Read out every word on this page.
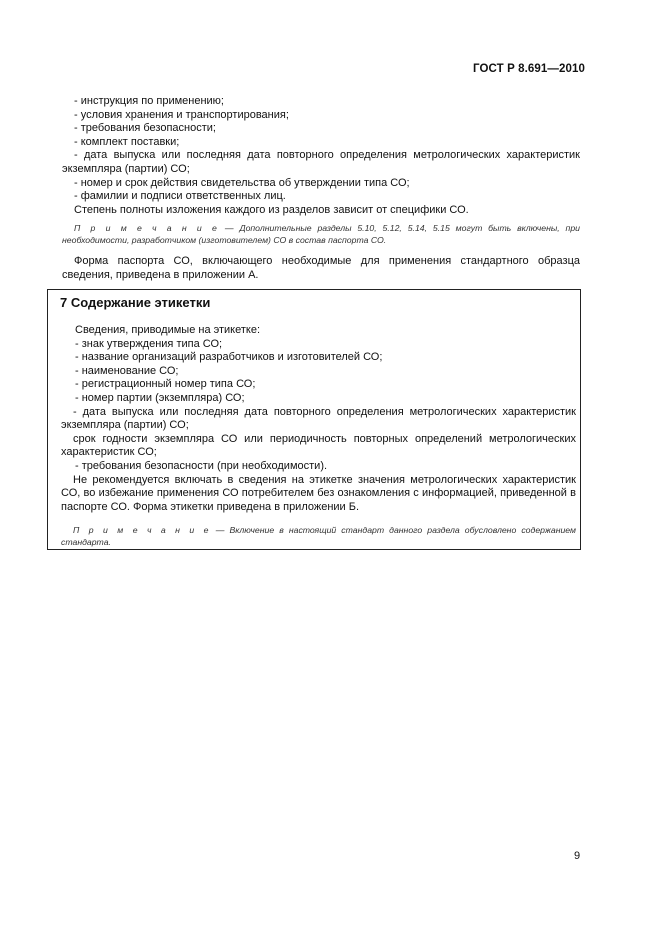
ГОСТ Р 8.691—2010

- инструкция по применению;

- условия хранения и транспортирования;

- требования безопасности;

- комплект поставки;

- дата выпуска или последняя дата повторного определения метрологических характеристик

экземпляра (партии) СО;

- номер и срок действия свидетельства об утверждении типа СО;

- фамилии и подписи ответственных лиц.

Степень полноты изложения каждого из разделов зависит от специфики СО.

П р и м е ч а н и е — Дополнительные разделы 5.10, 5.12, 5.14, 5.15 могут быть включены, при необходимости, разработчиком (изготовителем) СО в состав паспорта СО.

Форма паспорта СО, включающего необходимые для применения стандартного образца сведения, приведена в приложении А.

7 Содержание этикетки

Сведения, приводимые на этикетке:

- знак утверждения типа СО;

- название организаций разработчиков и изготовителей СО;

- наименование СО;

- регистрационный номер типа СО;

- номер партии (экземпляра) СО;

- дата выпуска или последняя дата повторного определения метрологических характеристик экземпляра (партии) СО;

срок годности экземпляра СО или периодичность повторных определений метрологических характеристик СО;

- требования безопасности (при необходимости).

Не рекомендуется включать в сведения на этикетке значения метрологических характеристик СО, во избежание применения СО потребителем без ознакомления с информацией, приведенной в паспорте СО. Форма этикетки приведена в приложении Б.

П р и м е ч а н и е — Включение в настоящий стандарт данного раздела обусловлено содержанием стандарта.

9
